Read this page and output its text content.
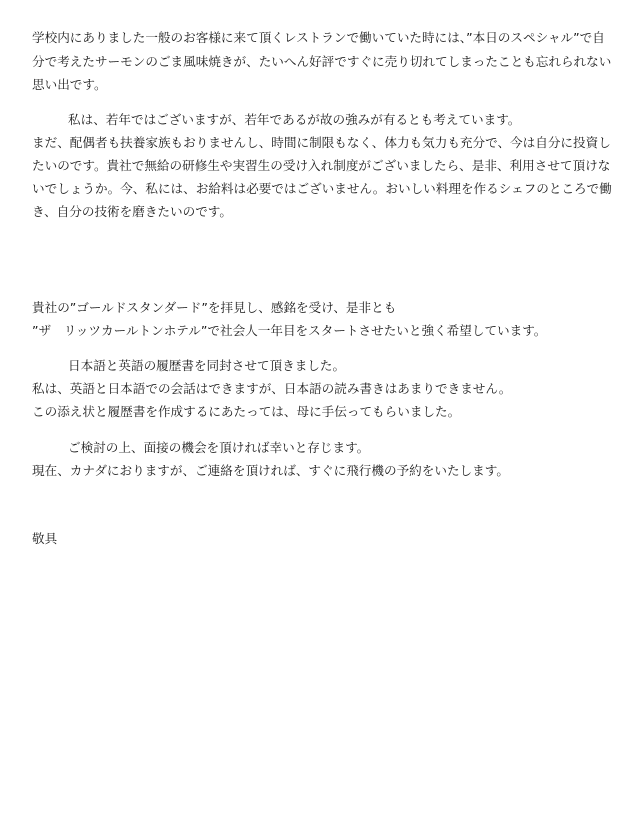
学校内にありました一般のお客様に来て頂くレストランで働いていた時には、”本日のスペシャル”で自
分で考えたサーモンのごま風味焼きが、たいへん好評ですぐに売り切れてしまったことも忘れられない
思い出です。
私は、若年ではございますが、若年であるが故の強みが有るとも考えています。
まだ、配偶者も扶養家族もおりませんし、時間に制限もなく、体力も気力も充分で、今は自分に投資し
たいのです。貴社で無給の研修生や実習生の受け入れ制度がございましたら、是非、利用させて頂けな
いでしょうか。今、私には、お給料は必要ではございません。おいしい料理を作るシェフのところで働
き、自分の技術を磨きたいのです。
貴社の”ゴールドスタンダード”を拝見し、感銘を受け、是非とも
”ザ　リッツカールトンホテル”で社会人一年目をスタートさせたいと強く希望しています。
日本語と英語の履歴書を同封させて頂きました。
私は、英語と日本語での会話はできますが、日本語の読み書きはあまりできません。
この添え状と履歴書を作成するにあたっては、母に手伝ってもらいました。
ご検討の上、面接の機会を頂ければ幸いと存じます。
現在、カナダにおりますが、ご連絡を頂ければ、すぐに飛行機の予約をいたします。
敬具
